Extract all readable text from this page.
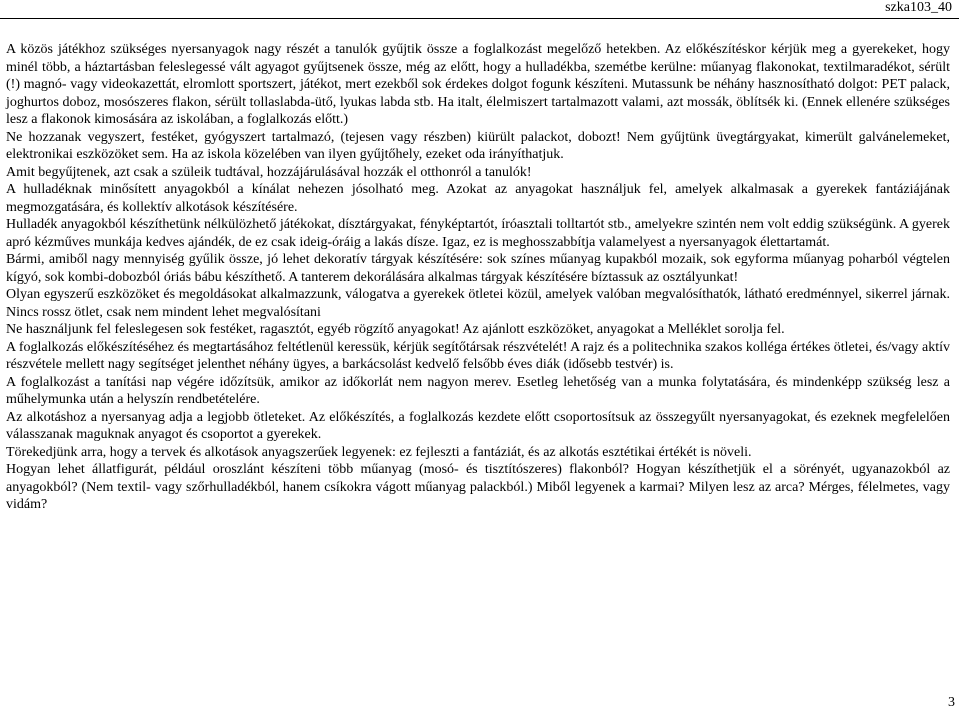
szka103_40

A közös játékhoz szükséges nyersanyagok nagy részét a tanulók gyűjtik össze a foglalkozást megelőző hetekben. Az előkészítéskor kérjük meg a gyerekeket, hogy minél több, a háztartásban feleslegessé vált agyagot gyűjtsenek össze, még az előtt, hogy a hulladékba, szemétbe kerülne: műanyag flakonokat, textilmaradékot, sérült (!) magnó- vagy videokazettát, elromlott sportszert, játékot, mert ezekből sok érdekes dolgot fogunk készíteni. Mutassunk be néhány hasznosítható dolgot: PET palack, joghurtos doboz, mosószeres flakon, sérült tollaslabda-ütő, lyukas labda stb. Ha italt, élelmiszert tartalmazott valami, azt mossák, öblítsék ki. (Ennek ellenére szükséges lesz a flakonok kimosására az iskolában, a foglalkozás előtt.)

Ne hozzanak vegyszert, festéket, gyógyszert tartalmazó, (tejesen vagy részben) kiürült palackot, dobozt! Nem gyűjtünk üvegtárgyakat, kimerült galvánelemeket, elektronikai eszközöket sem. Ha az iskola közelében van ilyen gyűjtőhely, ezeket oda irányíthatjuk.

Amit begyűjtenek, azt csak a szüleik tudtával, hozzájárulásával hozzák el otthonról a tanulók!

A hulladéknak minősített anyagokból a kínálat nehezen jósolható meg. Azokat az anyagokat használjuk fel, amelyek alkalmasak a gyerekek fantáziájának megmozgatására, és kollektív alkotások készítésére.

Hulladék anyagokból készíthetünk nélkülözhető játékokat, dísztárgyakat, fényképtartót, íróasztali tolltartót stb., amelyekre szintén nem volt eddig szükségünk. A gyerek apró kézműves munkája kedves ajándék, de ez csak ideig-óráig a lakás dísze. Igaz, ez is meghosszabbítja valamelyest a nyersanyagok élettartamát.

Bármi, amiből nagy mennyiség gyűlik össze, jó lehet dekoratív tárgyak készítésére: sok színes műanyag kupakból mozaik, sok egyforma műanyag poharból végtelen kígyó, sok kombi-dobozból óriás bábu készíthető. A tanterem dekorálására alkalmas tárgyak készítésére bíztassuk az osztályunkat!

Olyan egyszerű eszközöket és megoldásokat alkalmazzunk, válogatva a gyerekek ötletei közül, amelyek valóban megvalósíthatók, látható eredménnyel, sikerrel járnak. Nincs rossz ötlet, csak nem mindent lehet megvalósítani

Ne használjunk fel feleslegesen sok festéket, ragasztót, egyéb rögzítő anyagokat! Az ajánlott eszközöket, anyagokat a Melléklet sorolja fel.

A foglalkozás előkészítéséhez és megtartásához feltétlenül keressük, kérjük segítőtársak részvételét! A rajz és a politechnika szakos kolléga értékes ötletei, és/vagy aktív részvétele mellett nagy segítséget jelenthet néhány ügyes, a barkácsolást kedvelő felsőbb éves diák (idősebb testvér) is.

A foglalkozást a tanítási nap végére időzítsük, amikor az időkorlát nem nagyon merev. Esetleg lehetőség van a munka folytatására, és mindenképp szükség lesz a műhelymunka után a helyszín rendbetételére.

Az alkotáshoz a nyersanyag adja a legjobb ötleteket. Az előkészítés, a foglalkozás kezdete előtt csoportosítsuk az összegyűlt nyersanyagokat, és ezeknek megfelelően válasszanak maguknak anyagot és csoportot a gyerekek.

Törekedjünk arra, hogy a tervek és alkotások anyagszerűek legyenek: ez fejleszti a fantáziát, és az alkotás esztétikai értékét is növeli.

Hogyan lehet állatfigurát, például oroszlánt készíteni több műanyag (mosó- és tisztítószeres) flakonból? Hogyan készíthetjük el a sörényét, ugyanazokból az anyagokból? (Nem textil- vagy szőrhulladékból, hanem csíkokra vágott műanyag palackból.) Miből legyenek a karmai? Milyen lesz az arca? Mérges, félelmetes, vagy vidám?

3
